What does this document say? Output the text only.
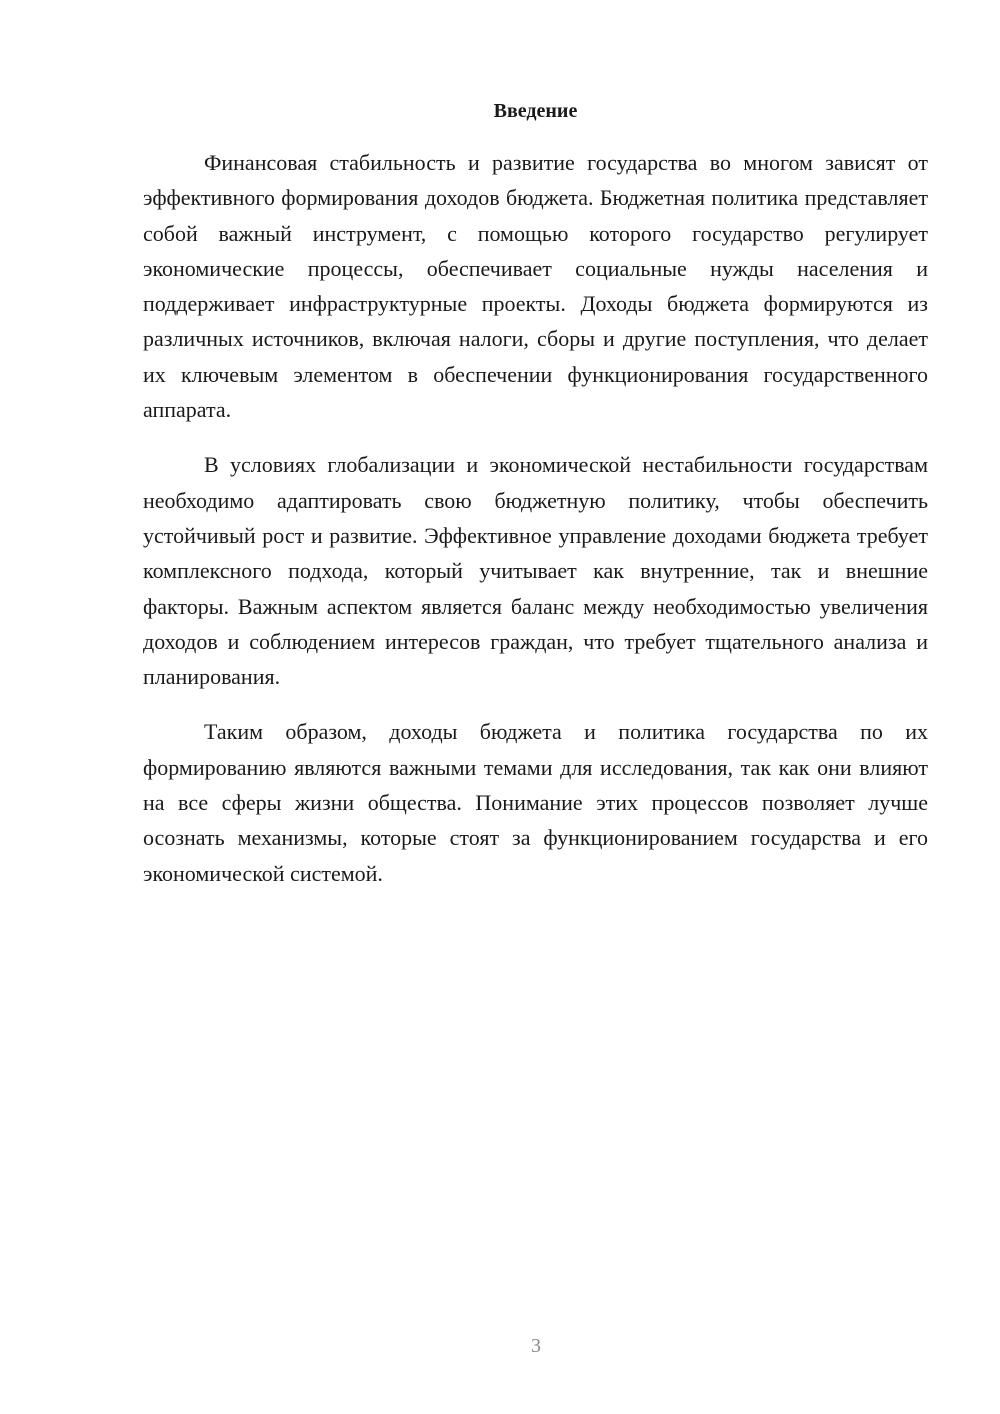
Введение

Финансовая стабильность и развитие государства во многом зависят от эффективного формирования доходов бюджета. Бюджетная политика представляет собой важный инструмент, с помощью которого государство регулирует экономические процессы, обеспечивает социальные нужды населения и поддерживает инфраструктурные проекты. Доходы бюджета формируются из различных источников, включая налоги, сборы и другие поступления, что делает их ключевым элементом в обеспечении функционирования государственного аппарата.

В условиях глобализации и экономической нестабильности государствам необходимо адаптировать свою бюджетную политику, чтобы обеспечить устойчивый рост и развитие. Эффективное управление доходами бюджета требует комплексного подхода, который учитывает как внутренние, так и внешние факторы. Важным аспектом является баланс между необходимостью увеличения доходов и соблюдением интересов граждан, что требует тщательного анализа и планирования.

Таким образом, доходы бюджета и политика государства по их формированию являются важными темами для исследования, так как они влияют на все сферы жизни общества. Понимание этих процессов позволяет лучше осознать механизмы, которые стоят за функционированием государства и его экономической системой.

3
